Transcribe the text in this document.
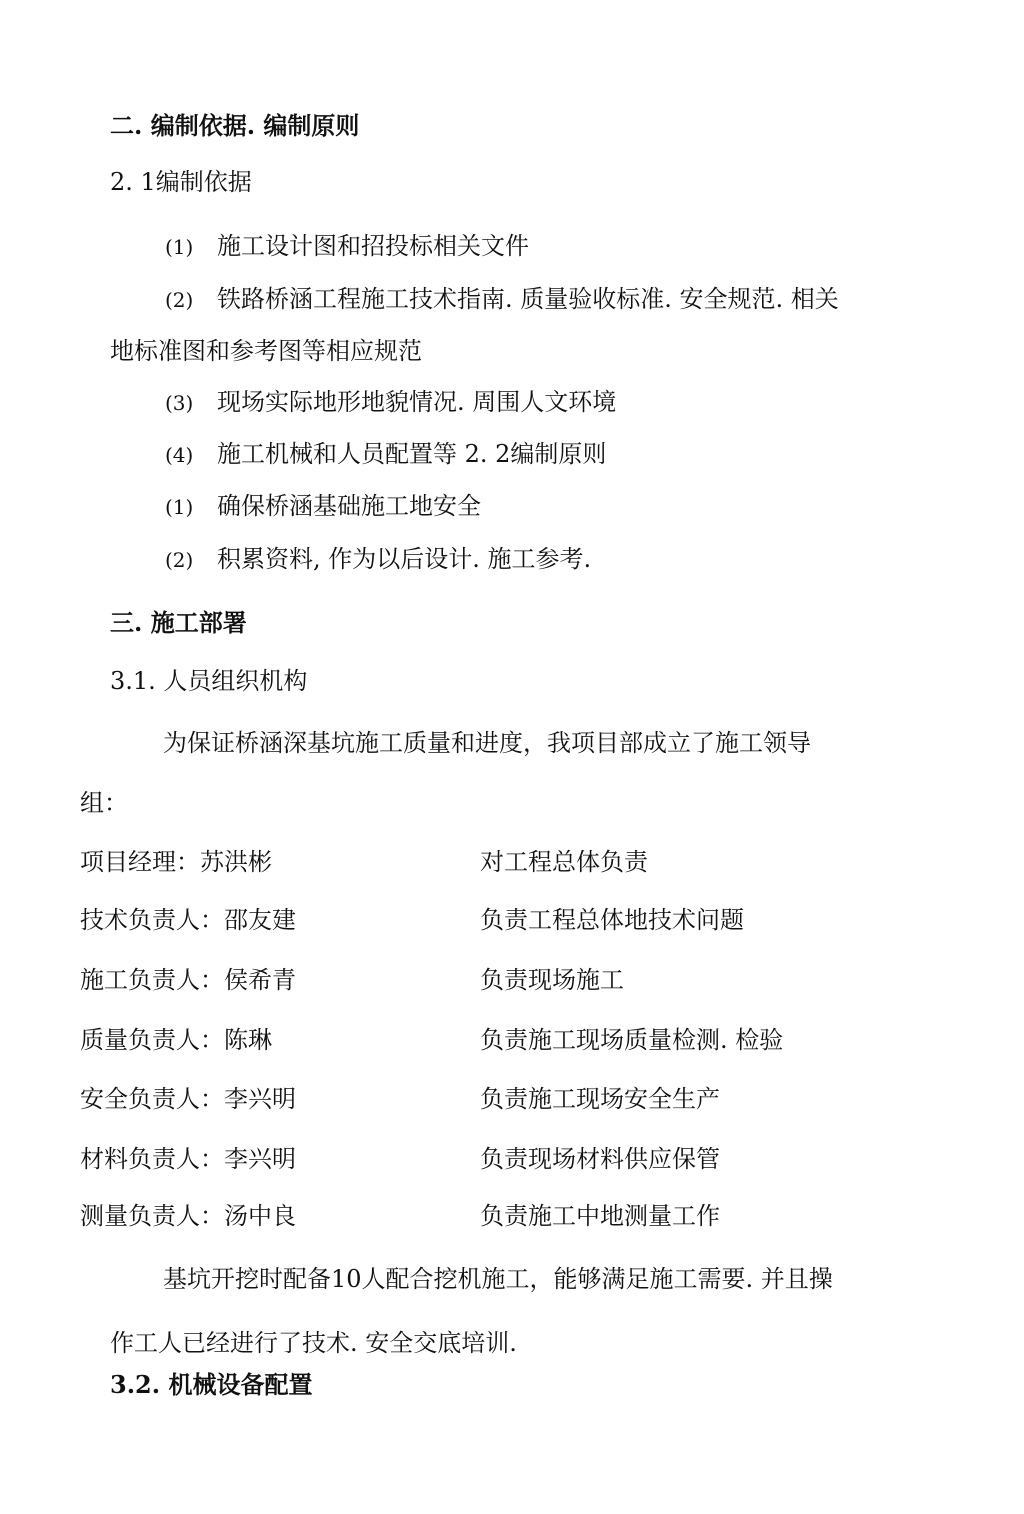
二. 编制依据. 编制原则
2. 1编制依据
(1) 施工设计图和招投标相关文件
(2) 铁路桥涵工程施工技术指南. 质量验收标准. 安全规范. 相关
地标准图和参考图等相应规范
(3) 现场实际地形地貌情况. 周围人文环境
(4) 施工机械和人员配置等 2. 2编制原则
(1) 确保桥涵基础施工地安全
(2) 积累资料, 作为以后设计. 施工参考.
三. 施工部署
3.1. 人员组织机构
为保证桥涵深基坑施工质量和进度，我项目部成立了施工领导
组：
项目经理：苏洪彬	对工程总体负责
技术负责人：邵友建	负责工程总体地技术问题
施工负责人：侯希青	负责现场施工
质量负责人：陈琳	负责施工现场质量检测. 检验
安全负责人：李兴明	负责施工现场安全生产
材料负责人：李兴明	负责现场材料供应保管
测量负责人：汤中良	负责施工中地测量工作
基坑开挖时配备10人配合挖机施工，能够满足施工需要. 并且操
作工人已经进行了技术. 安全交底培训.
3.2. 机械设备配置
